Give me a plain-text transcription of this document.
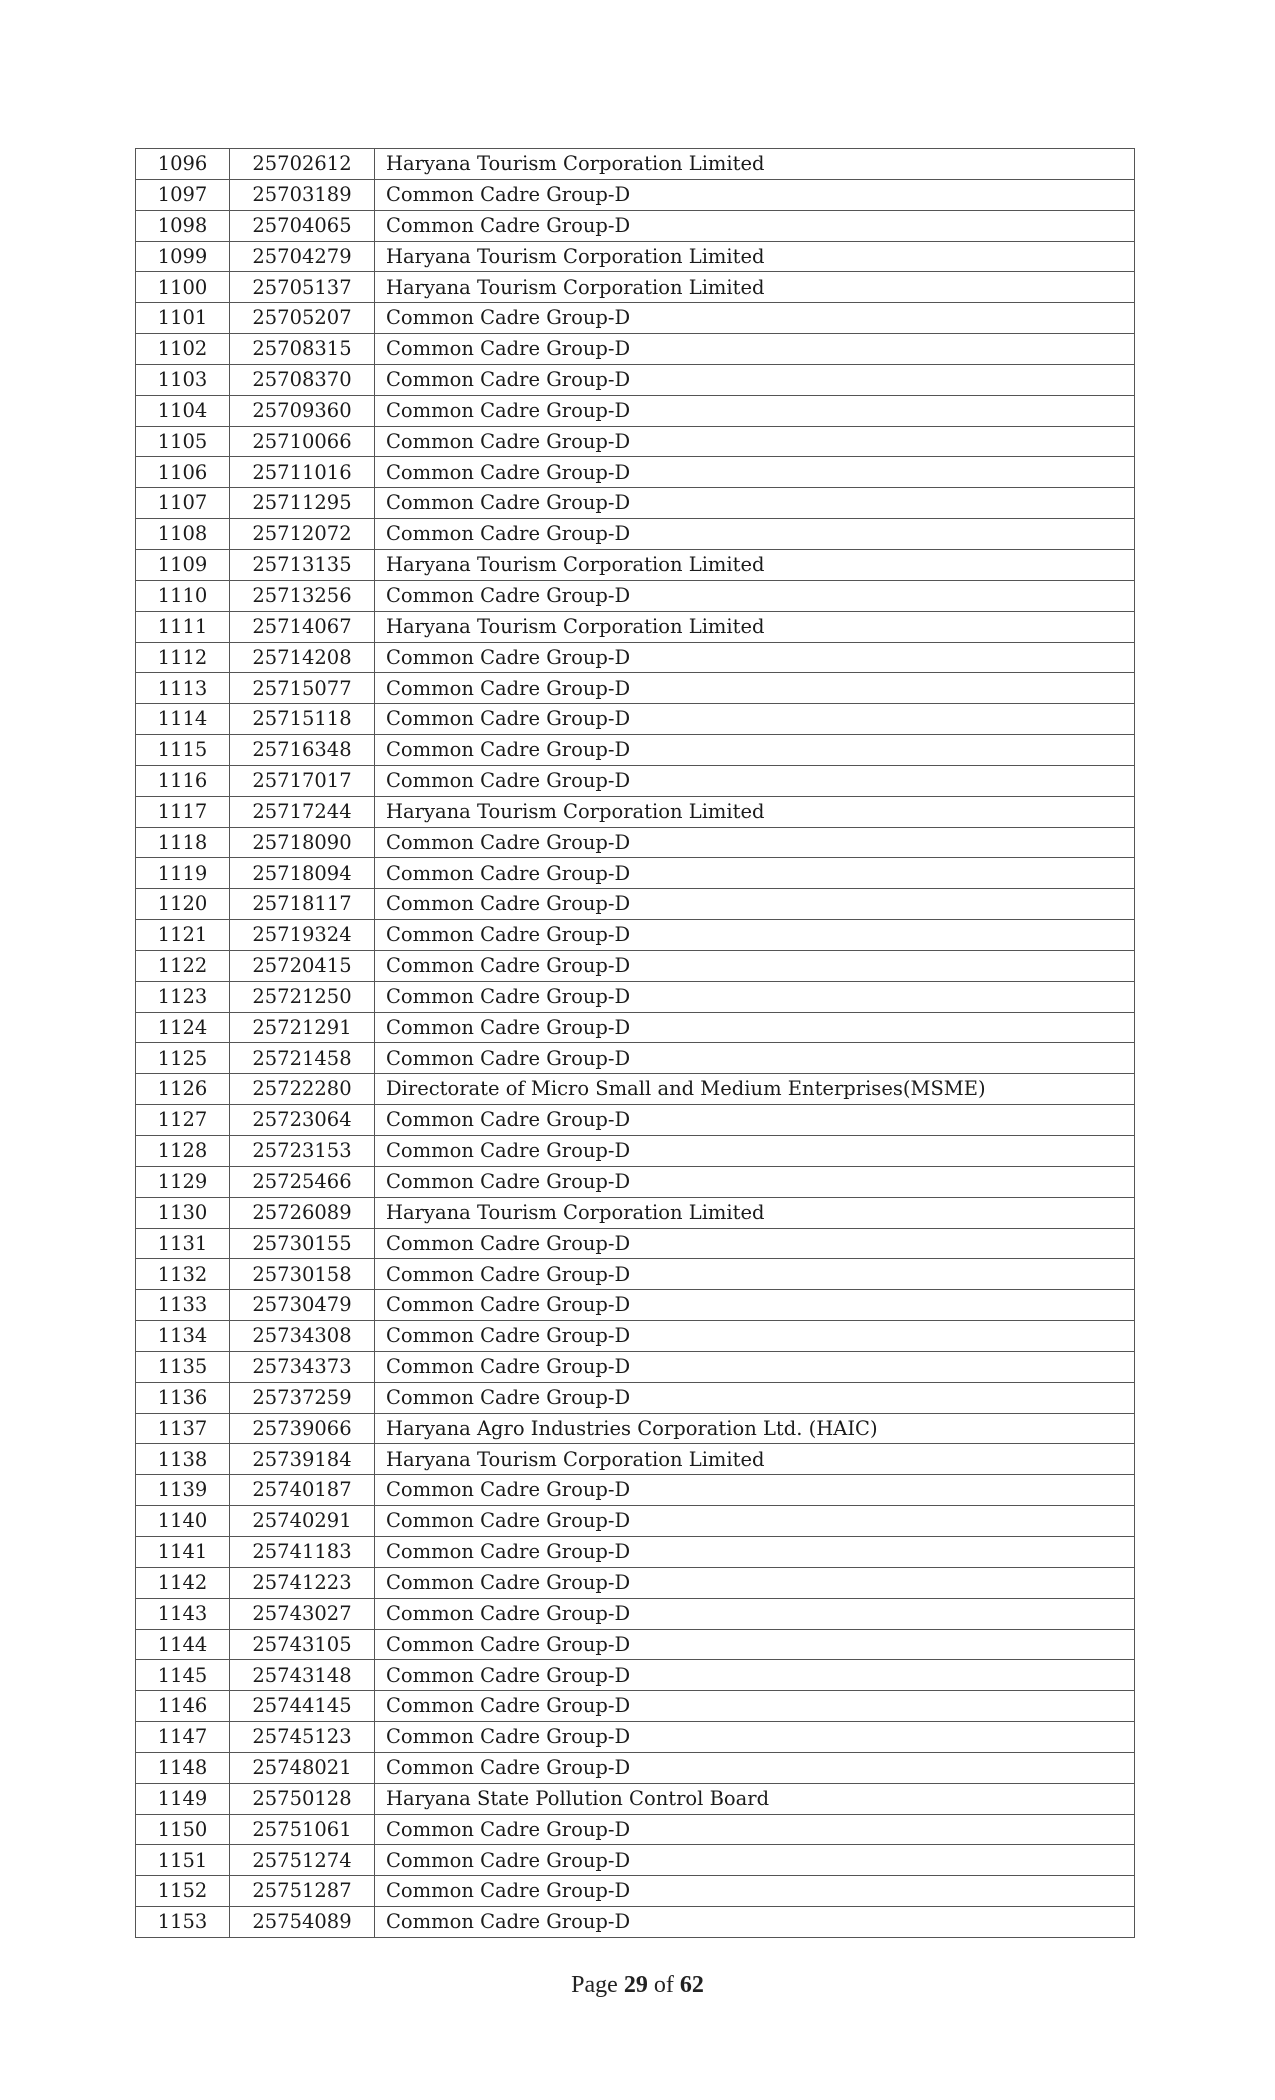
1096	25702612	Haryana Tourism Corporation Limited
1097	25703189	Common Cadre Group-D
1098	25704065	Common Cadre Group-D
1099	25704279	Haryana Tourism Corporation Limited
1100	25705137	Haryana Tourism Corporation Limited
1101	25705207	Common Cadre Group-D
1102	25708315	Common Cadre Group-D
1103	25708370	Common Cadre Group-D
1104	25709360	Common Cadre Group-D
1105	25710066	Common Cadre Group-D
1106	25711016	Common Cadre Group-D
1107	25711295	Common Cadre Group-D
1108	25712072	Common Cadre Group-D
1109	25713135	Haryana Tourism Corporation Limited
1110	25713256	Common Cadre Group-D
1111	25714067	Haryana Tourism Corporation Limited
1112	25714208	Common Cadre Group-D
1113	25715077	Common Cadre Group-D
1114	25715118	Common Cadre Group-D
1115	25716348	Common Cadre Group-D
1116	25717017	Common Cadre Group-D
1117	25717244	Haryana Tourism Corporation Limited
1118	25718090	Common Cadre Group-D
1119	25718094	Common Cadre Group-D
1120	25718117	Common Cadre Group-D
1121	25719324	Common Cadre Group-D
1122	25720415	Common Cadre Group-D
1123	25721250	Common Cadre Group-D
1124	25721291	Common Cadre Group-D
1125	25721458	Common Cadre Group-D
1126	25722280	Directorate of Micro Small and Medium Enterprises(MSME)
1127	25723064	Common Cadre Group-D
1128	25723153	Common Cadre Group-D
1129	25725466	Common Cadre Group-D
1130	25726089	Haryana Tourism Corporation Limited
1131	25730155	Common Cadre Group-D
1132	25730158	Common Cadre Group-D
1133	25730479	Common Cadre Group-D
1134	25734308	Common Cadre Group-D
1135	25734373	Common Cadre Group-D
1136	25737259	Common Cadre Group-D
1137	25739066	Haryana Agro Industries Corporation Ltd. (HAIC)
1138	25739184	Haryana Tourism Corporation Limited
1139	25740187	Common Cadre Group-D
1140	25740291	Common Cadre Group-D
1141	25741183	Common Cadre Group-D
1142	25741223	Common Cadre Group-D
1143	25743027	Common Cadre Group-D
1144	25743105	Common Cadre Group-D
1145	25743148	Common Cadre Group-D
1146	25744145	Common Cadre Group-D
1147	25745123	Common Cadre Group-D
1148	25748021	Common Cadre Group-D
1149	25750128	Haryana State Pollution Control Board
1150	25751061	Common Cadre Group-D
1151	25751274	Common Cadre Group-D
1152	25751287	Common Cadre Group-D
1153	25754089	Common Cadre Group-D
Page 29 of 62
